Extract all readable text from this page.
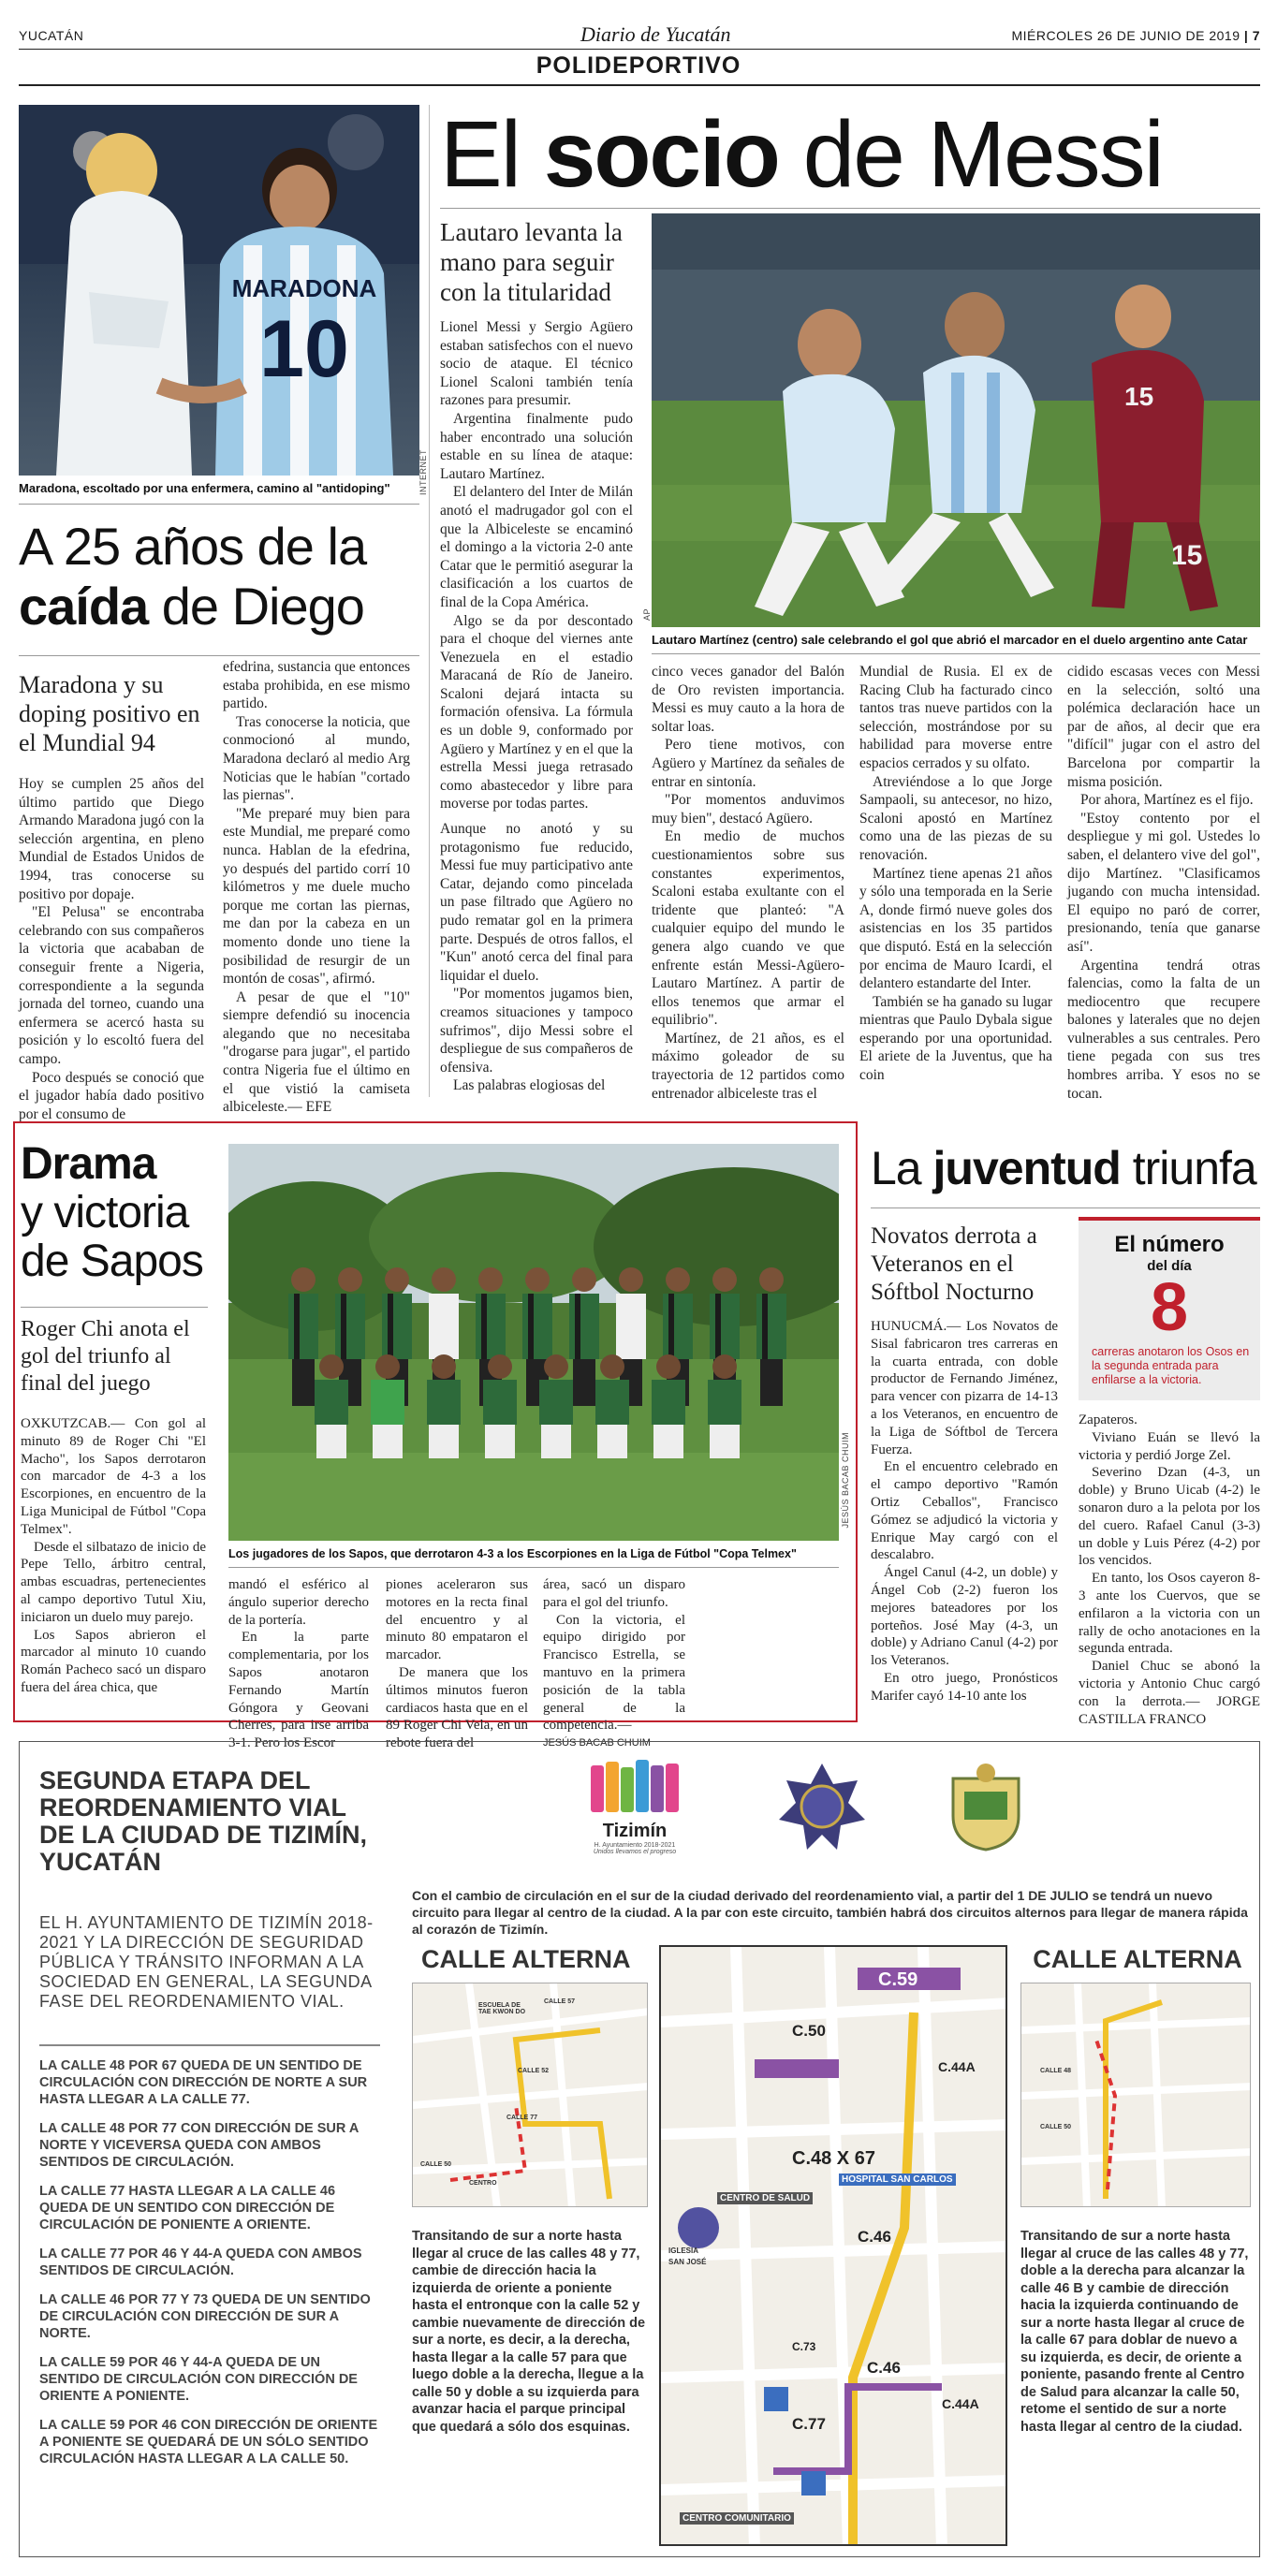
YUCATÁN	Diario de Yucatán	MIÉRCOLES 26 DE JUNIO DE 2019 | 7
POLIDEPORTIVO
MARADONA
10
Maradona, escoltado por una enfermera, camino al "antidoping"	INTERNET
A 25 años de la
caída de Diego
Maradona y su doping positivo en el Mundial 94

Hoy se cumplen 25 años del último partido que Diego Armando Maradona jugó con la selección argentina, en pleno Mundial de Estados Unidos de 1994, tras conocerse su positivo por dopaje.

"El Pelusa" se encontraba celebrando con sus compañeros la victoria que acababan de conseguir frente a Nigeria, correspondiente a la segunda jornada del torneo, cuando una enfermera se acercó hasta su posición y lo escoltó fuera del campo.

Poco después se conoció que el jugador había dado positivo por el consumo de

efedrina, sustancia que entonces estaba prohibida, en ese mismo partido.

Tras conocerse la noticia, que conmocionó al mundo, Maradona declaró al medio Arg Noticias que le habían "cortado las piernas".

"Me preparé muy bien para este Mundial, me preparé como nunca. Hablan de la efedrina, yo después del partido corrí 10 kilómetros y me duele mucho porque me cortan las piernas, me dan por la cabeza en un momento donde uno tiene la posibilidad de resurgir de un montón de cosas", afirmó.

A pesar de que el "10" siempre defendió su inocencia alegando que no necesitaba "drogarse para jugar", el partido contra Nigeria fue el último en el que vistió la camiseta albiceleste.— EFE

El socio de Messi
Lautaro levanta la mano para seguir con la titularidad

Lionel Messi y Sergio Agüero estaban satisfechos con el nuevo socio de ataque. El técnico Lionel Scaloni también tenía razones para presumir.

Argentina finalmente pudo haber encontrado una solución estable en su línea de ataque: Lautaro Martínez.

El delantero del Inter de Milán anotó el madrugador gol con el que la Albiceleste se encaminó el domingo a la victoria 2-0 ante Catar que le permitió asegurar la clasificación a los cuartos de final de la Copa América.

Algo se da por descontado para el choque del viernes ante Venezuela en el estadio Maracaná de Río de Janeiro. Scaloni dejará intacta su formación ofensiva. La fórmula es un doble 9, conformado por Agüero y Martínez y en el que la estrella Messi juega retrasado como abastecedor y libre para moverse por todas partes.

15
15
AP
Lautaro Martínez (centro) sale celebrando el gol que abrió el marcador en el duelo argentino ante Catar

Aunque no anotó y su protagonismo fue reducido, Messi fue muy participativo ante Catar, dejando como pincelada un pase filtrado que Agüero no pudo rematar gol en la primera parte. Después de otros fallos, el "Kun" anotó cerca del final para liquidar el duelo.

"Por momentos jugamos bien, creamos situaciones y tampoco sufrimos", dijo Messi sobre el despliegue de sus compañeros de ofensiva.

Las palabras elogiosas del

cinco veces ganador del Balón de Oro revisten importancia. Messi es muy cauto a la hora de soltar loas.

Pero tiene motivos, con Agüero y Martínez da señales de entrar en sintonía.

"Por momentos anduvimos muy bien", destacó Agüero.

En medio de muchos cuestionamientos sobre sus constantes experimentos, Scaloni estaba exultante con el tridente que planteó: "A cualquier equipo del mundo le genera algo cuando ve que enfrente están Messi-Agüero-Lautaro Martínez. A partir de ellos tenemos que armar el equilibrio".

Martínez, de 21 años, es el máximo goleador de su trayectoria de 12 partidos como entrenador albiceleste tras el

Mundial de Rusia. El ex de Racing Club ha facturado cinco tantos tras nueve partidos con la selección, mostrándose por su habilidad para moverse entre espacios cerrados y su olfato.

Atreviéndose a lo que Jorge Sampaoli, su antecesor, no hizo, Scaloni apostó en Martínez como una de las piezas de su renovación.

Martínez tiene apenas 21 años y sólo una temporada en la Serie A, donde firmó nueve goles dos asistencias en los 35 partidos que disputó. Está en la selección por encima de Mauro Icardi, el delantero estandarte del Inter.

También se ha ganado su lugar mientras que Paulo Dybala sigue esperando por una oportunidad. El ariete de la Juventus, que ha coin

cidido escasas veces con Messi en la selección, soltó una polémica declaración hace un par de años, al decir que era "difícil" jugar con el astro del Barcelona por compartir la misma posición.

Por ahora, Martínez es el fijo.

"Estoy contento por el despliegue y mi gol. Ustedes lo saben, el delantero vive del gol", dijo Martínez. "Clasificamos jugando con mucha intensidad. El equipo no paró de correr, presionando, tenía que ganarse así".

Argentina tendrá otras falencias, como la falta de un mediocentro que recupere balones y laterales que no dejen vulnerables a sus centrales. Pero tiene pegada con sus tres hombres arriba. Y esos no se tocan.

Drama
y victoria
de Sapos
Roger Chi anota el gol del triunfo al final del juego

OXKUTZCAB.— Con gol al minuto 89 de Roger Chi "El Macho", los Sapos derrotaron con marcador de 4-3 a los Escorpiones, en encuentro de la Liga Municipal de Fútbol "Copa Telmex".

Desde el silbatazo de inicio de Pepe Tello, árbitro central, ambas escuadras, pertenecientes al campo deportivo Tutul Xiu, iniciaron un duelo muy parejo.

Los Sapos abrieron el marcador al minuto 10 cuando Román Pacheco sacó un disparo fuera del área chica, que

JESÚS BACAB CHUIM
Los jugadores de los Sapos, que derrotaron 4-3 a los Escorpiones en la Liga de Fútbol "Copa Telmex"

mandó el esférico al ángulo superior derecho de la portería.

En la parte complementaria, por los Sapos anotaron Fernando Martín Góngora y Geovani Cherres, para irse arriba 3-1. Pero los Escor

piones aceleraron sus motores en la recta final del encuentro y al minuto 80 empataron el marcador.

De manera que los últimos minutos fueron cardiacos hasta que en el 89 Roger Chi Vela, en un rebote fuera del

área, sacó un disparo para el gol del triunfo.

Con la victoria, el equipo dirigido por Francisco Estrella, se mantuvo en la primera posición de la tabla general de la competencia.—

JESÚS BACAB CHUIM

La juventud triunfa
Novatos derrota a Veteranos en el Sóftbol Nocturno
El número
del día
8
carreras anotaron los Osos en la segunda entrada para enfilarse a la victoria.

HUNUCMÁ.— Los Novatos de Sisal fabricaron tres carreras en la cuarta entrada, con doble productor de Fernando Jiménez, para vencer con pizarra de 14-13 a los Veteranos, en encuentro de la Liga de Sóftbol de Tercera Fuerza.

En el encuentro celebrado en el campo deportivo "Ramón Ortiz Ceballos", Francisco Gómez se adjudicó la victoria y Enrique May cargó con el descalabro.

Ángel Canul (4-2, un doble) y Ángel Cob (2-2) fueron los mejores bateadores por los porteños. José May (4-3, un doble) y Adriano Canul (4-2) por los Veteranos.

En otro juego, Pronósticos Marifer cayó 14-10 ante los

Zapateros.

Viviano Euán se llevó la victoria y perdió Jorge Zel.

Severino Dzan (4-3, un doble) y Bruno Uicab (4-2) le sonaron duro a la pelota por los del cuero. Rafael Canul (3-3) un doble y Luis Pérez (4-2) por los vencidos.

En tanto, los Osos cayeron 8-3 ante los Cuervos, que se enfilaron a la victoria con un rally de ocho anotaciones en la segunda entrada.

Daniel Chuc se abonó la victoria y Antonio Chuc cargó con la derrota.— JORGE CASTILLA FRANCO

SEGUNDA ETAPA DEL REORDENAMIENTO VIAL DE LA CIUDAD DE TIZIMÍN, YUCATÁN
Tizimín
H. Ayuntamiento 2018-2021
Unidos llevamos el progreso
Con el cambio de circulación en el sur de la ciudad derivado del reordenamiento vial, a partir del 1 DE JULIO se tendrá un nuevo circuito para llegar al centro de la ciudad. A la par con este circuito, también habrá dos circuitos alternos para llegar de manera rápida al corazón de Tizimín.
EL H. AYUNTAMIENTO DE TIZIMÍN 2018-2021 Y LA DIRECCIÓN DE SEGURIDAD PÚBLICA Y TRÁNSITO INFORMAN A LA SOCIEDAD EN GENERAL, LA SEGUNDA FASE DEL REORDENAMIENTO VIAL.
LA CALLE 48 POR 67 QUEDA DE UN SENTIDO DE CIRCULACIÓN CON DIRECCIÓN DE NORTE A SUR HASTA LLEGAR A LA CALLE 77.
LA CALLE 48 POR 77 CON DIRECCIÓN DE SUR A NORTE Y VICEVERSA QUEDA CON AMBOS SENTIDOS DE CIRCULACIÓN.
LA CALLE 77 HASTA LLEGAR A LA CALLE 46 QUEDA DE UN SENTIDO CON DIRECCIÓN DE CIRCULACIÓN DE PONIENTE A ORIENTE.
LA CALLE 77 POR 46 Y 44-A QUEDA CON AMBOS SENTIDOS DE CIRCULACIÓN.
LA CALLE 46 POR 77 Y 73 QUEDA DE UN SENTIDO DE CIRCULACIÓN CON DIRECCIÓN DE SUR A NORTE.
LA CALLE 59 POR 46 Y 44-A QUEDA DE UN SENTIDO DE CIRCULACIÓN CON DIRECCIÓN DE ORIENTE A PONIENTE.
LA CALLE 59 POR 46 CON DIRECCIÓN DE ORIENTE A PONIENTE SE QUEDARÁ DE UN SÓLO SENTIDO CIRCULACIÓN HASTA LLEGAR A LA CALLE 50.
CALLE ALTERNA
ESCUELA DE TAE KWON DO
CALLE 57
CALLE 52
CALLE 77
CALLE 50
CENTRO
Transitando de sur a norte hasta llegar al cruce de las calles 48 y 77, cambie de dirección hacia la izquierda de oriente a poniente hasta el entronque con la calle 52 y cambie nuevamente de dirección de sur a norte, es decir, a la derecha, hasta llegar a la calle 57 para que luego doble a la derecha, llegue a la calle 50 y doble a su izquierda para avanzar hacia el parque principal que quedará a sólo dos esquinas.
C.59
C.50
C.48 X 67
C.46
C.44A
C.77
C.46
C.44A
C.73
CENTRO DE SALUD
HOSPITAL SAN CARLOS
CENTRO COMUNITARIO
IGLESIA
SAN JOSÉ
CALLE ALTERNA
CALLE 48
CALLE 50
Transitando de sur a norte hasta llegar al cruce de las calles 48 y 77, doble a la derecha para alcanzar la calle 46 B y cambie de dirección hacia la izquierda continuando de sur a norte hasta llegar al cruce de la calle 67 para doblar de nuevo a su izquierda, es decir, de oriente a poniente, pasando frente al Centro de Salud para alcanzar la calle 50, retome el sentido de sur a norte hasta llegar al centro de la ciudad.
